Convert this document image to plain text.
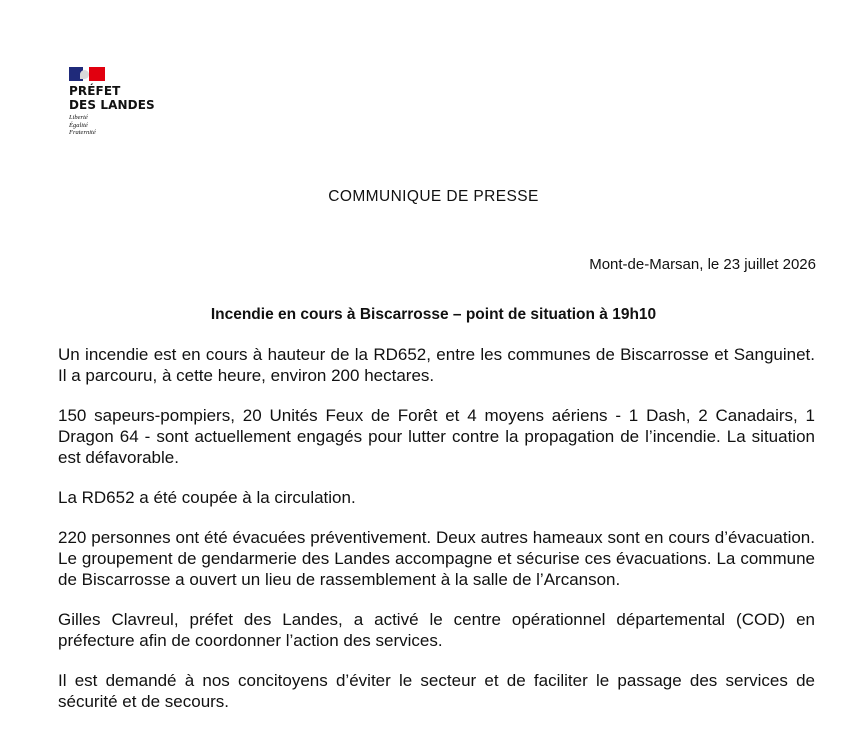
PRÉFET
DES LANDES
Liberté
Égalité
Fraternité
COMMUNIQUE DE PRESSE
Mont-de-Marsan, le 23 juillet 2026
Incendie en cours à Biscarrosse – point de situation à 19h10

Un incendie est en cours à hauteur de la RD652, entre les communes de Biscarrosse et Sanguinet. Il a parcouru, à cette heure, environ 200 hectares.

150 sapeurs-pompiers, 20 Unités Feux de Forêt et 4 moyens aériens - 1 Dash, 2 Canadairs, 1 Dragon 64 - sont actuellement engagés pour lutter contre la propagation de l’incendie. La situation est défavorable.

La RD652 a été coupée à la circulation.

220 personnes ont été évacuées préventivement. Deux autres hameaux sont en cours d’évacuation. Le groupement de gendarmerie des Landes accompagne et sécurise ces évacuations. La commune de Biscarrosse a ouvert un lieu de rassemblement à la salle de l’Arcanson.

Gilles Clavreul, préfet des Landes, a activé le centre opérationnel départemental (COD) en préfecture afin de coordonner l’action des services.

Il est demandé à nos concitoyens d’éviter le secteur et de faciliter le passage des services de sécurité et de secours.
